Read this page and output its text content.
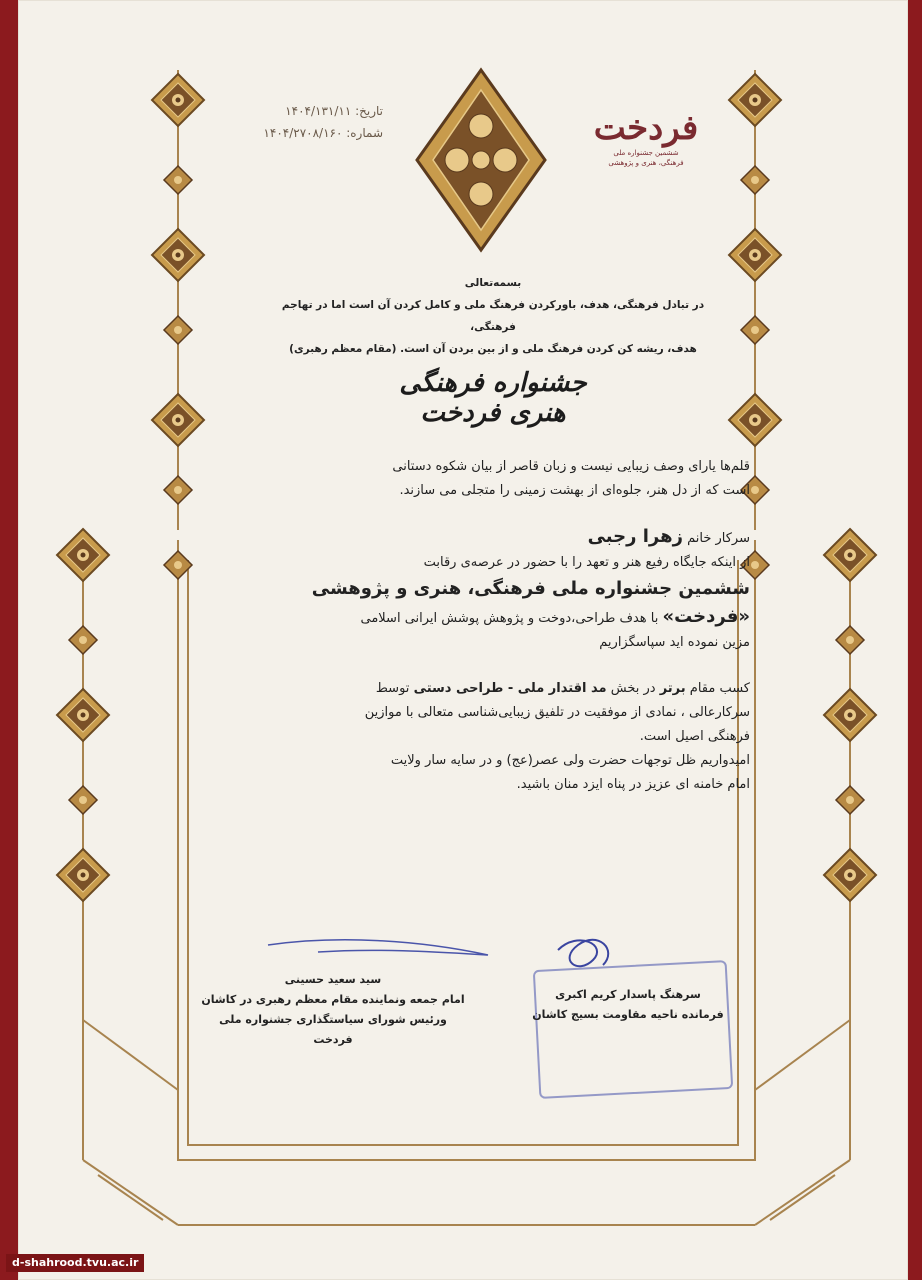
تاریخ: ۱۴۰۴/۱۳۱/۱۱
شماره: ۱۴۰۴/۲۷۰۸/۱۶۰	فردخت
ششمین جشنواره ملی
فرهنگی، هنری و پژوهشی
بسمه‌تعالی
در تبادل فرهنگی، هدف، باورکردن فرهنگ ملی و کامل کردن آن است اما در تهاجم فرهنگی،
هدف، ریشه کن کردن فرهنگ ملی و از بین بردن آن است. (مقام معظم رهبری)
جشنواره فرهنگی هنری فردخت

قلم‌ها یارای وصف زیبایی نیست و زبان قاصر از بیان شکوه دستانی

است که از دل هنر، جلوه‌ای از بهشت زمینی را متجلی می سازند.

سرکار خانم زهرا رجبی

از اینکه جایگاه رفیع هنر و تعهد را با حضور در عرصه‌ی رقابت

ششمین جشنواره ملی فرهنگی، هنری و پژوهشی

«فردخت» با هدف طراحی،دوخت و پژوهش پوشش ایرانی اسلامی

مزین نموده اید سپاسگزاریم

کسب مقام برتر در بخش مد اقتدار ملی - طراحی دستی توسط

سرکارعالی ، نمادی از موفقیت در تلفیق زیبایی‌شناسی متعالی با موازین

فرهنگی اصیل است.

امیدواریم ظل توجهات حضرت ولی عصر(عج) و در سایه سار ولایت

امام خامنه ای عزیز در پناه ایزد منان باشید.

سید سعید حسینی
امام جمعه ونماینده مقام معظم رهبری در کاشان
ورئیس شورای سیاستگذاری جشنواره ملی فردخت
سرهنگ پاسدار کریم اکبری
فرمانده ناحیه مقاومت بسیج کاشان
d-shahrood.tvu.ac.ir
